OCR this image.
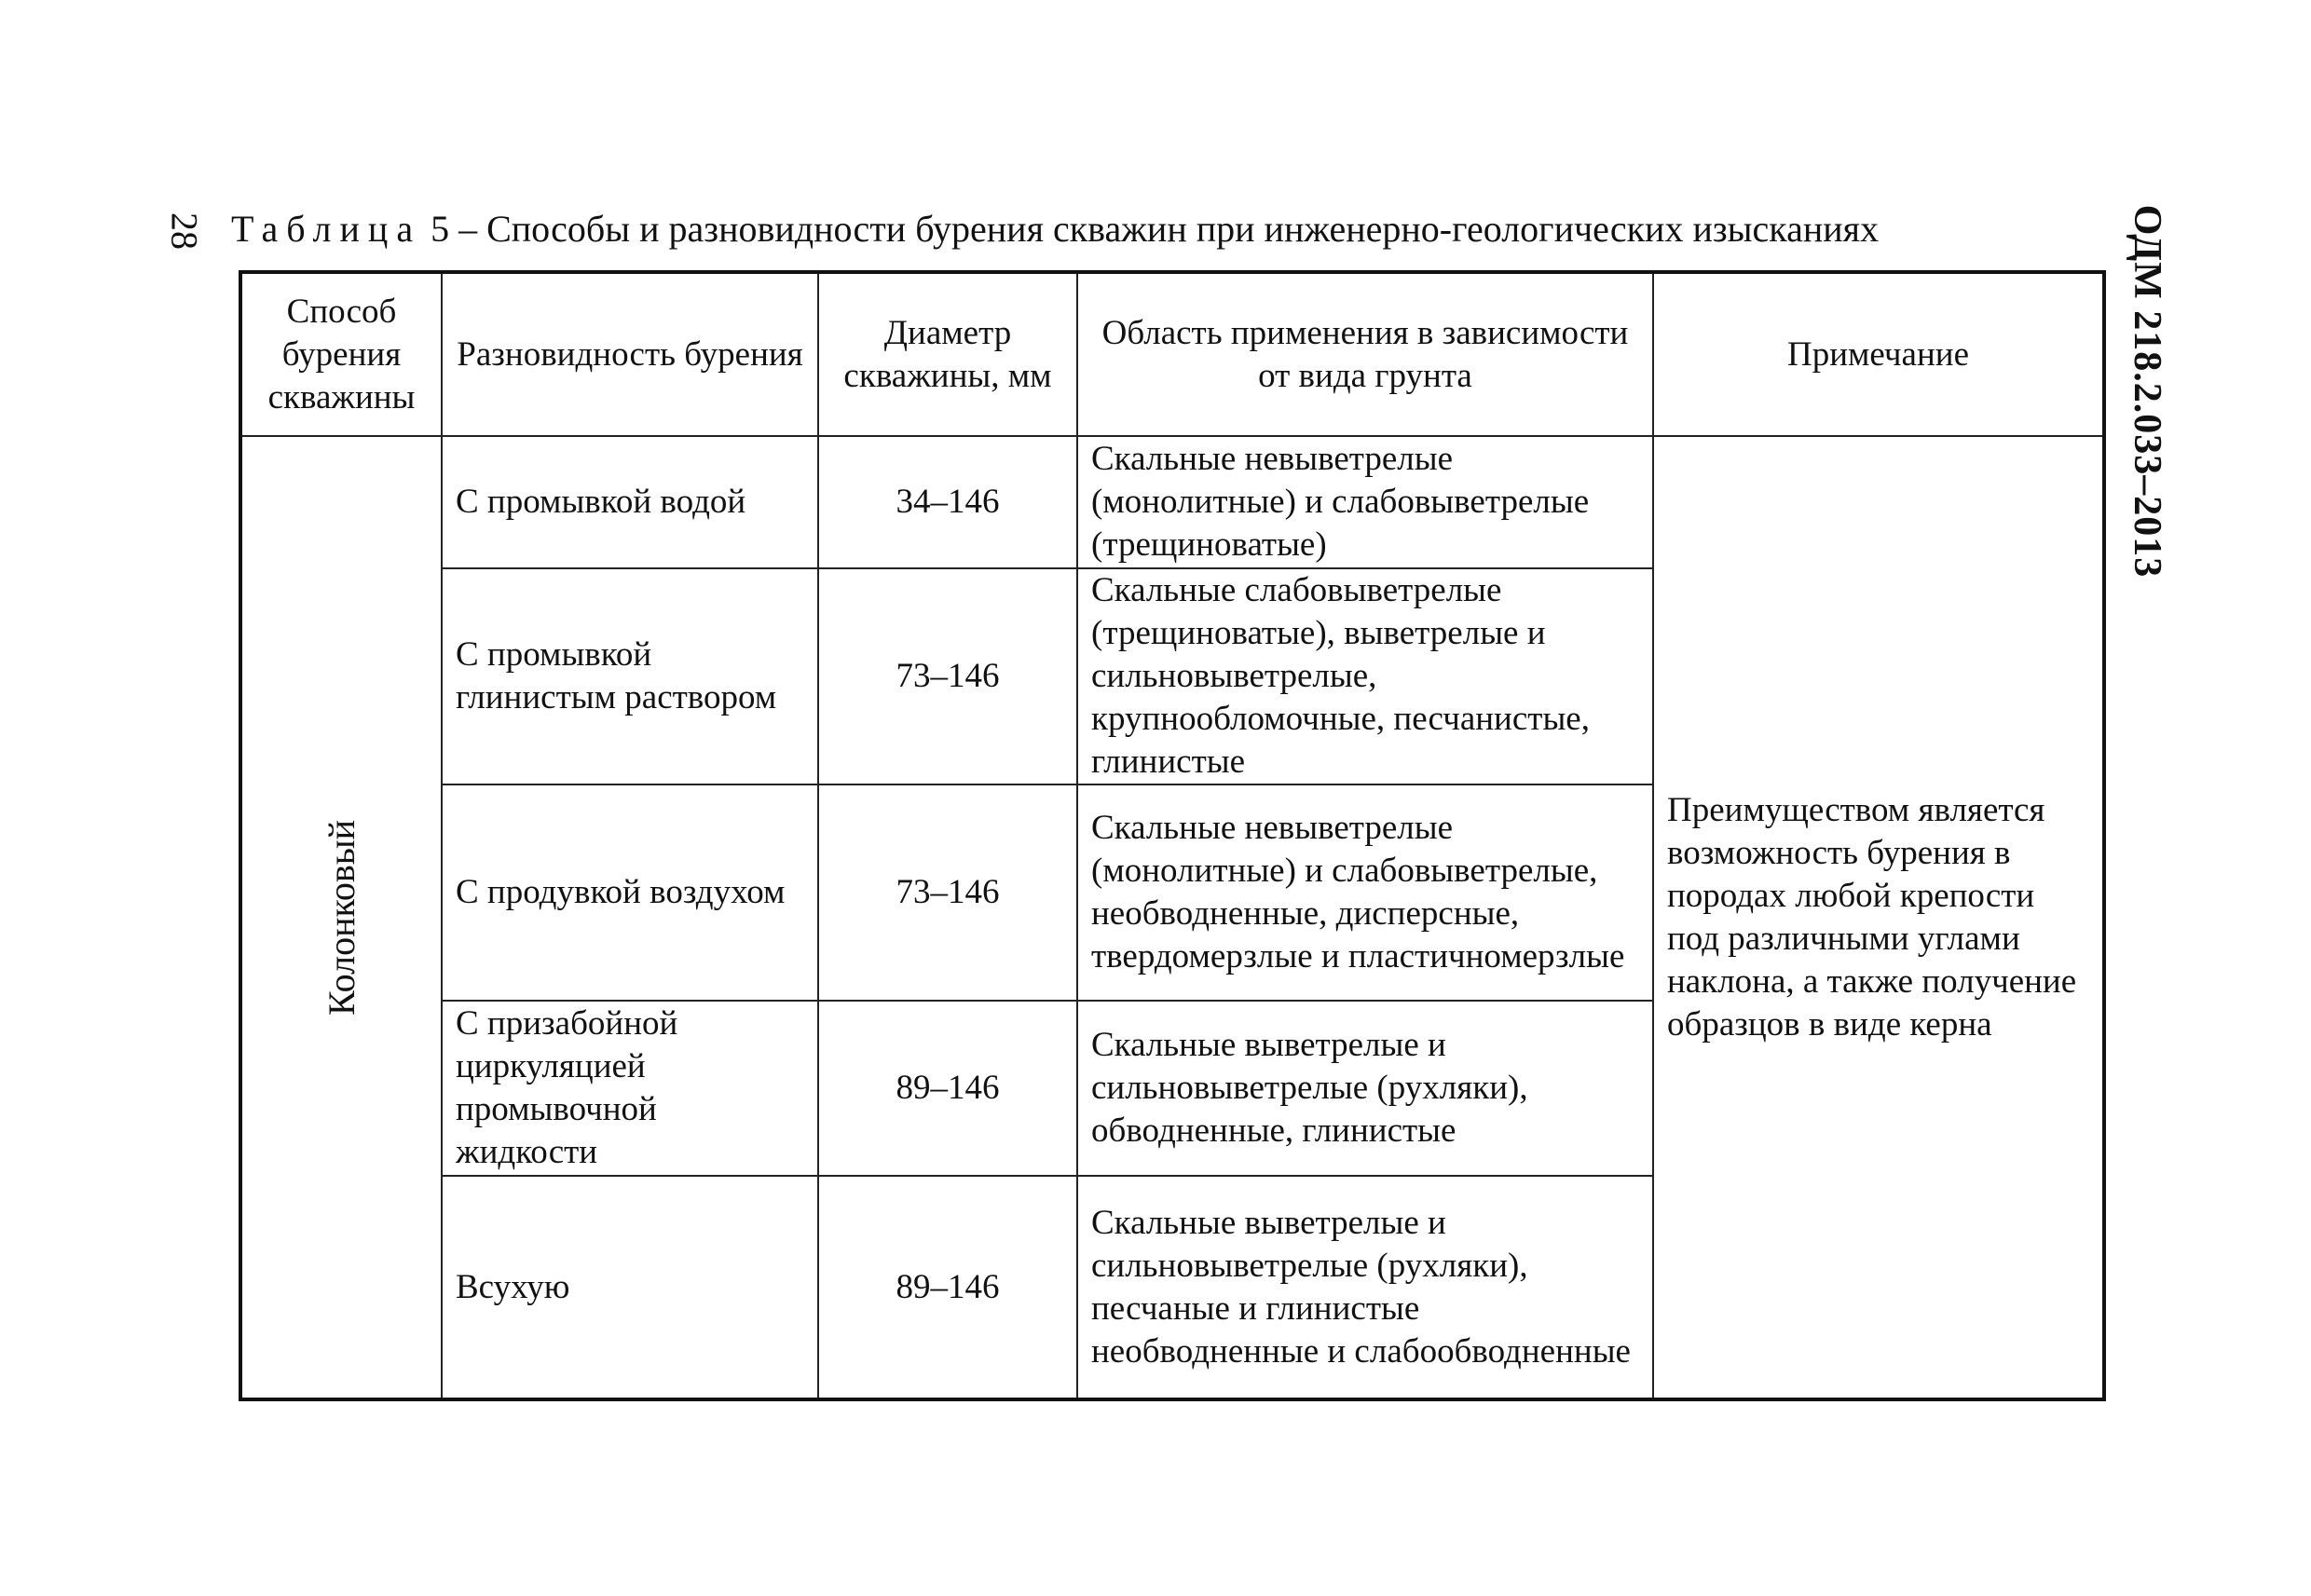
28	ОДМ 218.2.033–2013
Таблица 5 – Способы и разновидности бурения скважин при инженерно-геологических изысканиях
Способ бурения скважины	Разновидность бурения	Диаметр скважины, мм	Область применения в зависимости от вида грунта	Примечание

Колонковый	С промывкой водой	34–146	Скальные невыветрелые (монолитные) и слабовыветрелые (трещиноватые)	Преимуществом является возможность бурения в породах любой крепости под различными углами наклона, а также получение образцов в виде керна
	С промывкой глинистым раствором	73–146	Скальные слабовыветрелые (трещиноватые), выветрелые и сильновыветрелые, крупнообломочные, песчанистые, глинистые	
	С продувкой воздухом	73–146	Скальные невыветрелые (монолитные) и слабовыветрелые, необводненные, дисперсные, твердомерзлые и пластичномерзлые	
	С призабойной циркуляцией промывочной жидкости	89–146	Скальные выветрелые и сильновыветрелые (рухляки), обводненные, глинистые	
	Всухую	89–146	Скальные выветрелые и сильновыветрелые (рухляки), песчаные и глинистые необводненные и слабообводненные	
